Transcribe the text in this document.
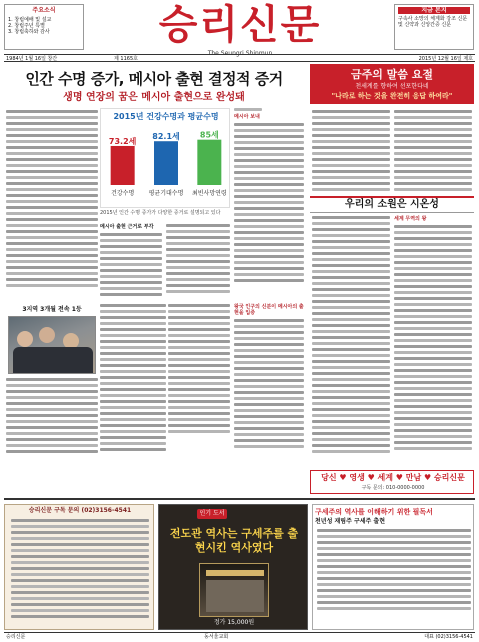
주요소식
1. 창립예배 및 설교
2. 창립주년 특별
3. 창립축하와 감사	승리신문
The Seungri Shinmun
지금 본지
구속사 소망의 체계화 강조 신문 및 신약과 신앙간증 신문
1984년 1월 16일 창간	제 1165호	2015년 12월 16일 제호
인간 수명 증가, 메시아 출현 결정적 증거
생명 연장의 꿈은 메시아 출현으로 완성돼
2015년 건강수명과 평균수명
73.2세
건강수명
82.1세
평균기대수명
85세
최빈사망연령
메시아 보내
2015년 인간 수명 증가가 다양한 증거로 설명되고 있다
메시아 출현 근거로 부각
3지역 3개월 전속 1등	왕국 인구의 신분이 메시아의 출현을 입증
금주의 말씀 요절
천세계를 향하여 선포한다네
"나라로 하는 것을 완전히 응답 하여라"
우리의 소원은 시온성
세계 무역의 왕
당신 ♥ 영생 ♥ 세계 ♥ 만남 ♥ 승리신문
구독 문의: 010-0000-0000
승리신문 구독 문의 (02)3156-4541	인기 도서
전도관 역사는 구세주를 출현시킨 역사였다
정가 15,000원
구세주의 역사를 이해하기 위한 필독서
천년성 재림주 구세주 출현
승리신문	동서울교회	대표 (02)3156-4541
